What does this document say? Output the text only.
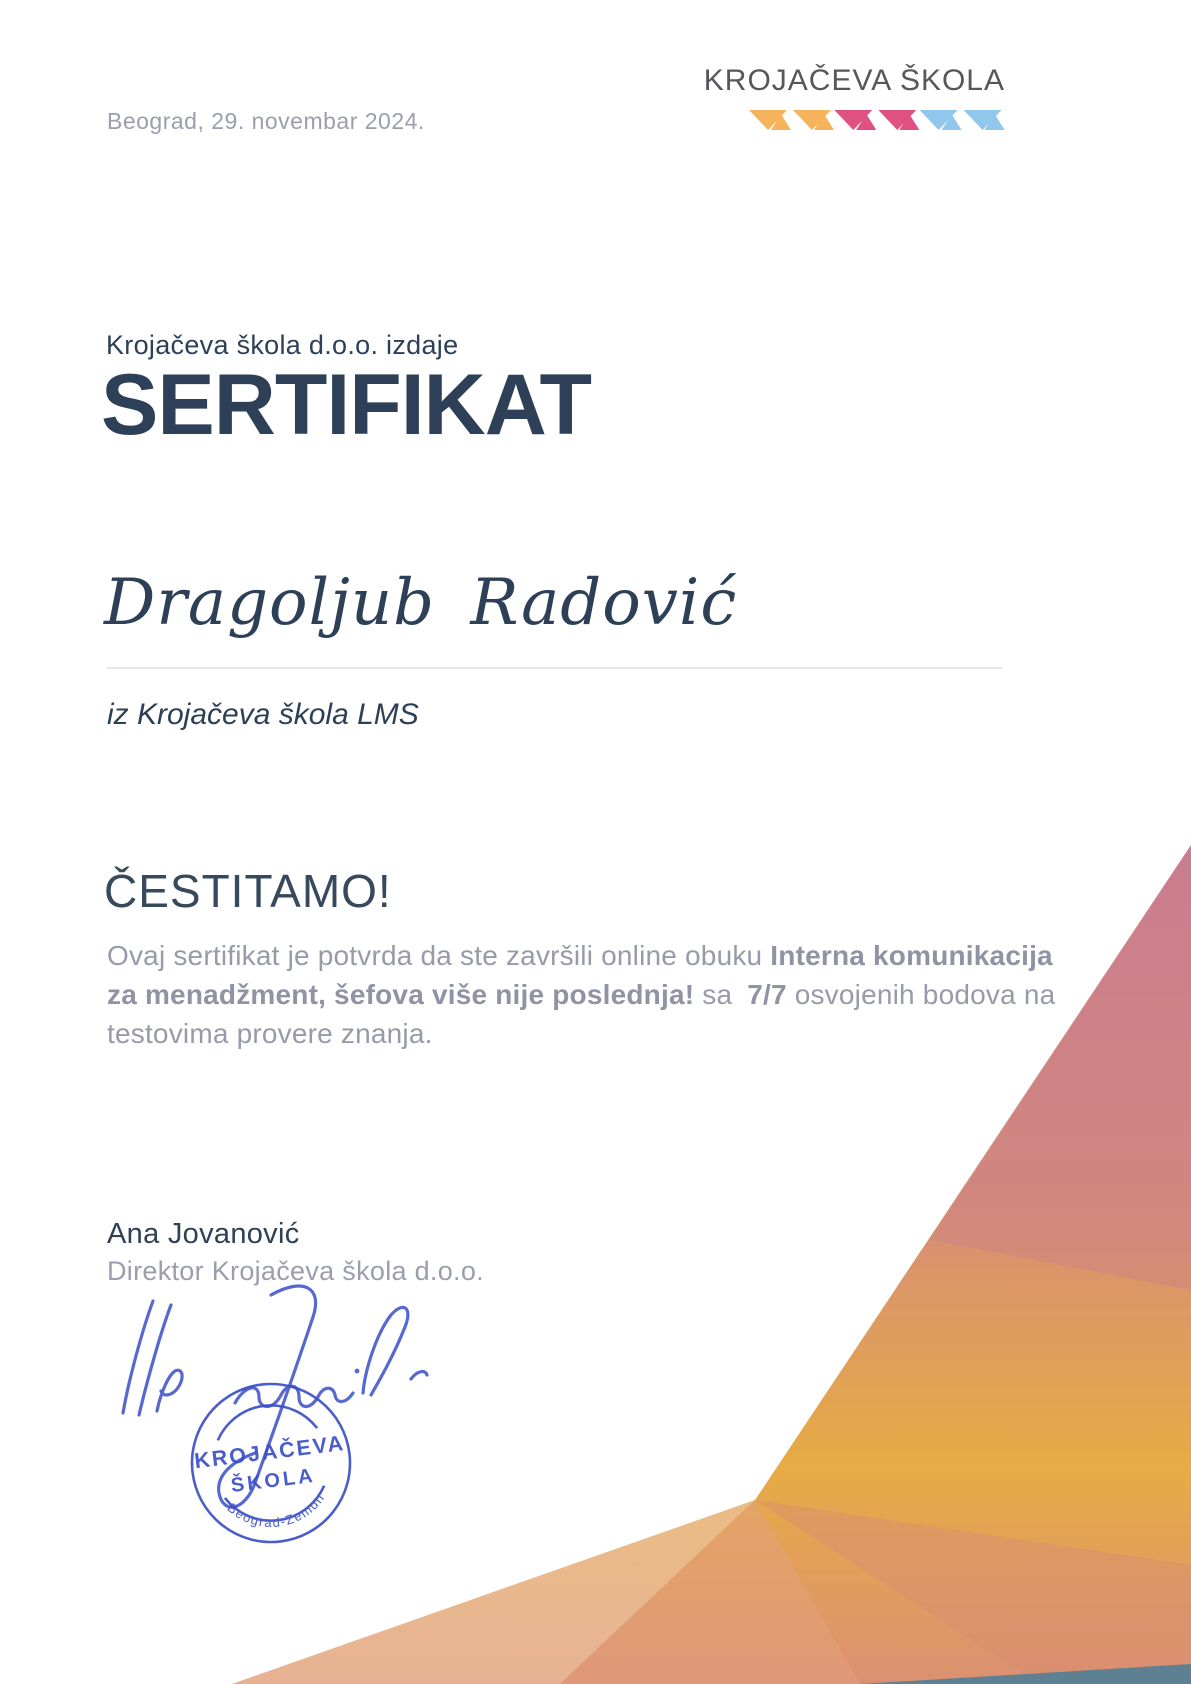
Beograd, 29. novembar 2024.
KROJAČEVA ŠKOLA
Krojačeva škola d.o.o. izdaje
SERTIFIKAT
Dragoljub Radović
iz Krojačeva škola LMS
ČESTITAMO!
Ovaj sertifikat je potvrda da ste završili online obuku Interna komunikacija za menadžment, šefova više nije poslednja! sa 7/7 osvojenih bodova na testovima provere znanja.
Ana Jovanović
Direktor Krojačeva škola d.o.o.
KROJAČEVA
ŠKOLA
Beograd-Zemun
